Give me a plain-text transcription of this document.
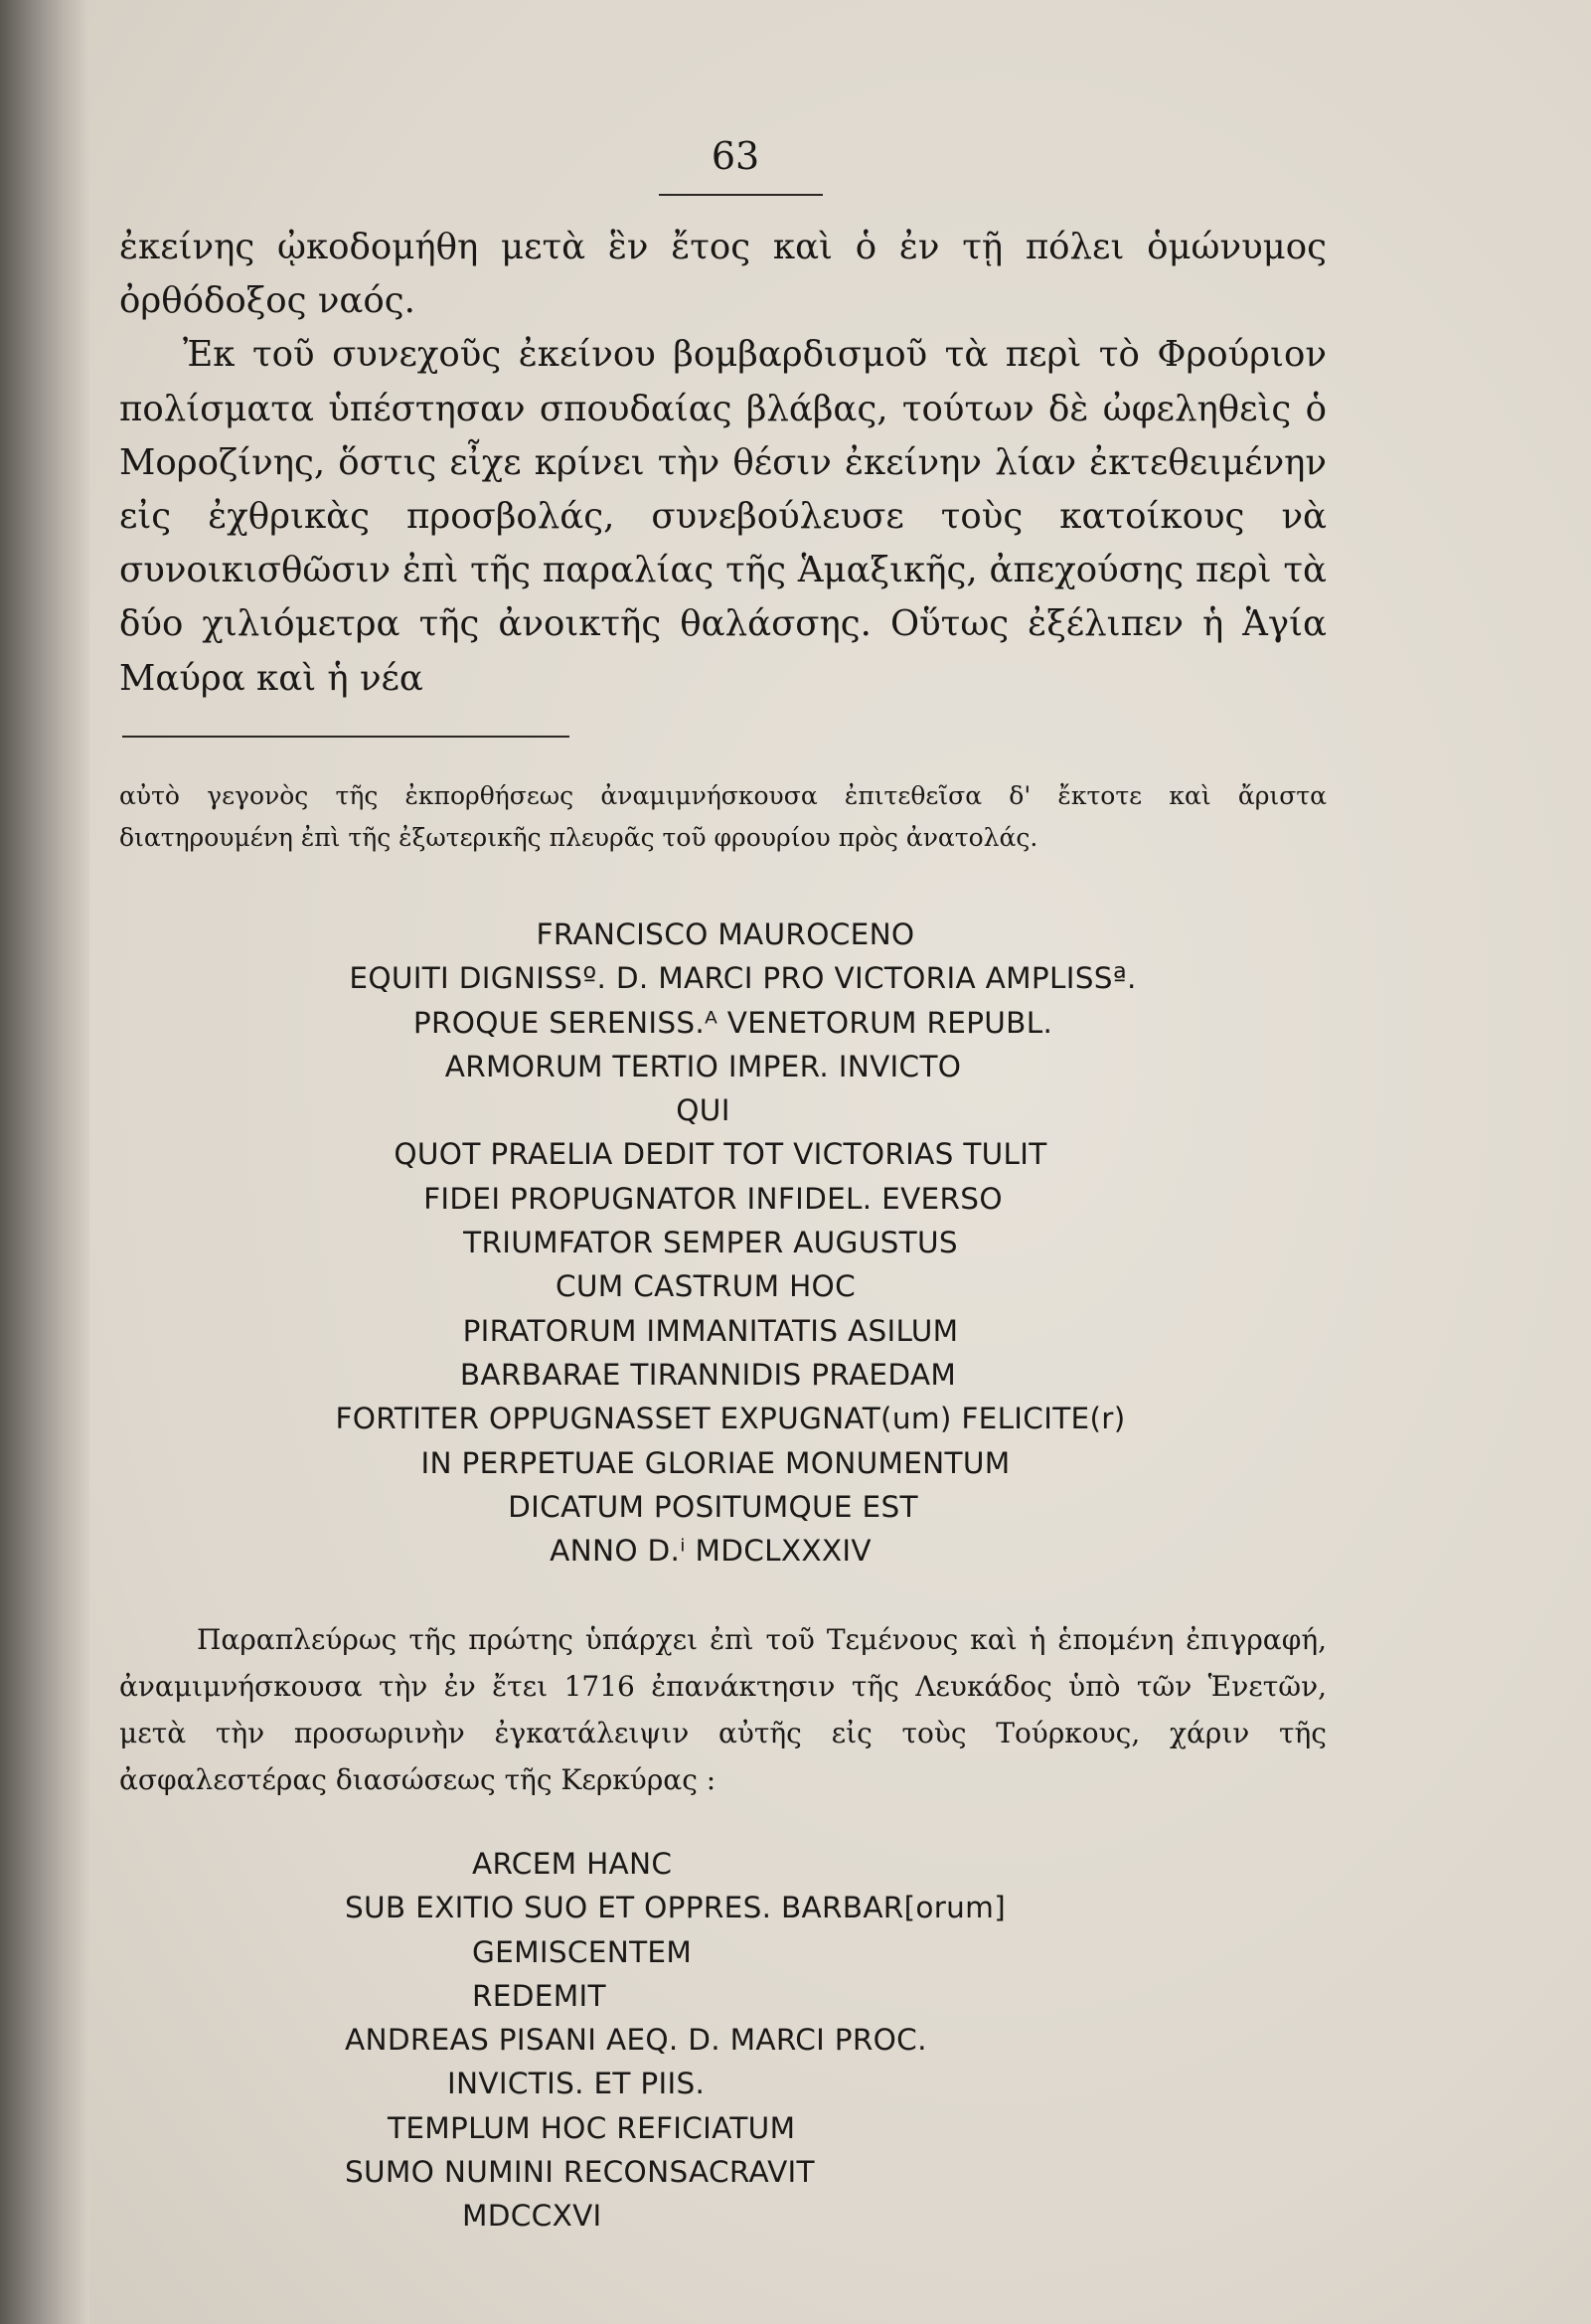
63

ἐκείνης ᾠκοδομήθη μετὰ ἓν ἔτος καὶ ὁ ἐν τῇ πόλει ὁμώνυμος ὀρθόδοξος ναός.

Ἐκ τοῦ συνεχοῦς ἐκείνου βομβαρδισμοῦ τὰ περὶ τὸ Φρούριον πολίσματα ὑπέστησαν σπουδαίας βλάβας, τούτων δὲ ὠφεληθεὶς ὁ Μοροζίνης, ὅστις εἶχε κρίνει τὴν θέσιν ἐκείνην λίαν ἐκτεθειμένην εἰς ἐχθρικὰς προσβολάς, συνεβούλευσε τοὺς κατοίκους νὰ συνοικισθῶσιν ἐπὶ τῆς παραλίας τῆς Ἁμαξικῆς, ἀπεχούσης περὶ τὰ δύο χιλιόμετρα τῆς ἀνοικτῆς θαλάσσης. Οὕτως ἐξέλιπεν ἡ Ἁγία Μαύρα καὶ ἡ νέα

αὐτὸ γεγονὸς τῆς ἐκπορθήσεως ἀναμιμνήσκουσα ἐπιτεθεῖσα δ' ἔκτοτε καὶ ἄριστα διατηρουμένη ἐπὶ τῆς ἐξωτερικῆς πλευρᾶς τοῦ φρουρίου πρὸς ἀνατολάς.
FRANCISCO MAUROCENO
EQUITI DIGNISSº. D. MARCI PRO VICTORIA AMPLISSª.
PROQUE SERENISS.ᴬ VENETORUM REPUBL.
ARMORUM TERTIO IMPER. INVICTO
QUI
QUOT PRAELIA DEDIT TOT VICTORIAS TULIT
FIDEI PROPUGNATOR INFIDEL. EVERSO
TRIUMFATOR SEMPER AUGUSTUS
CUM CASTRUM HOC
PIRATORUM IMMANITATIS ASILUM
BARBARAE TIRANNIDIS PRAEDAM
FORTITER OPPUGNASSET EXPUGNAT(um) FELICITE(r)
IN PERPETUAE GLORIAE MONUMENTUM
DICATUM POSITUMQUE EST
ANNO D.ⁱ MDCLXXXIV

Παραπλεύρως τῆς πρώτης ὑπάρχει ἐπὶ τοῦ Τεμένους καὶ ἡ ἑπομένη ἐπιγραφή, ἀναμιμνήσκουσα τὴν ἐν ἔτει 1716 ἐπανάκτησιν τῆς Λευκάδος ὑπὸ τῶν Ἑνετῶν, μετὰ τὴν προσωρινὴν ἐγκατάλειψιν αὐτῆς εἰς τοὺς Τούρκους, χάριν τῆς ἀσφαλεστέρας διασώσεως τῆς Κερκύρας :

ARCEM HANC
SUB EXITIO SUO ET OPPRES. BARBAR[orum]
GEMISCENTEM
REDEMIT
ANDREAS PISANI AEQ. D. MARCI PROC.
INVICTIS. ET PIIS.
TEMPLUM HOC REFICIATUM
SUMO NUMINI RECONSACRAVIT
MDCCXVI
